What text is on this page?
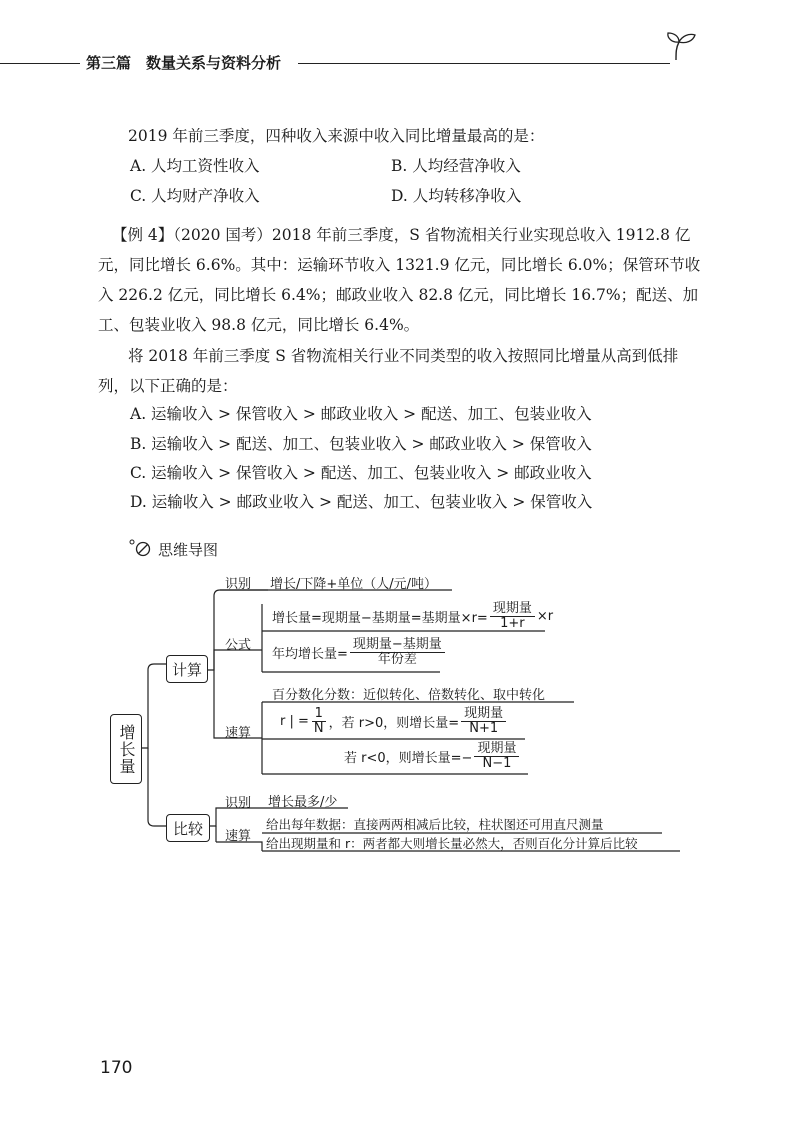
第三篇　数量关系与资料分析
2019 年前三季度，四种收入来源中收入同比增量最高的是：
A. 人均工资性收入	B. 人均经营净收入
C. 人均财产净收入	D. 人均转移净收入
【例 4】（2020 国考）2018 年前三季度，S 省物流相关行业实现总收入 1912.8 亿
元，同比增长 6.6%。其中：运输环节收入 1321.9 亿元，同比增长 6.0%；保管环节收
入 226.2 亿元，同比增长 6.4%；邮政业收入 82.8 亿元，同比增长 16.7%；配送、加
工、包装业收入 98.8 亿元，同比增长 6.4%。
将 2018 年前三季度 S 省物流相关行业不同类型的收入按照同比增量从高到低排
列，以下正确的是：
A. 运输收入 > 保管收入 > 邮政业收入 > 配送、加工、包装业收入
B. 运输收入 > 配送、加工、包装业收入 > 邮政业收入 > 保管收入
C. 运输收入 > 保管收入 > 配送、加工、包装业收入 > 邮政业收入
D. 运输收入 > 邮政业收入 > 配送、加工、包装业收入 > 保管收入
思维导图
增长量
计算
比较
识别 增长/下降+单位（人/元/吨）
公式
增长量=现期量−基期量=基期量$\times r= \frac{\text{现期量}}{1+r} \times r$
年均增长量= $\frac{\text{现期量−基期量}}{\text{年份差}}$
速算
百分数化分数：近似转化、倍数转化、取中转化
r | = $\frac{1}{N}$ ，若 r>0，则增长量= $\frac{\text{现期量}}{N+1}$
若 r<0，则增长量=− $\frac{\text{现期量}}{N-1}$
识别 增长最多/少
速算
给出每年数据：直接两两相减后比较，柱状图还可用直尺测量
给出现期量和 r：两者都大则增长量必然大，否则百化分计算后比较
170
